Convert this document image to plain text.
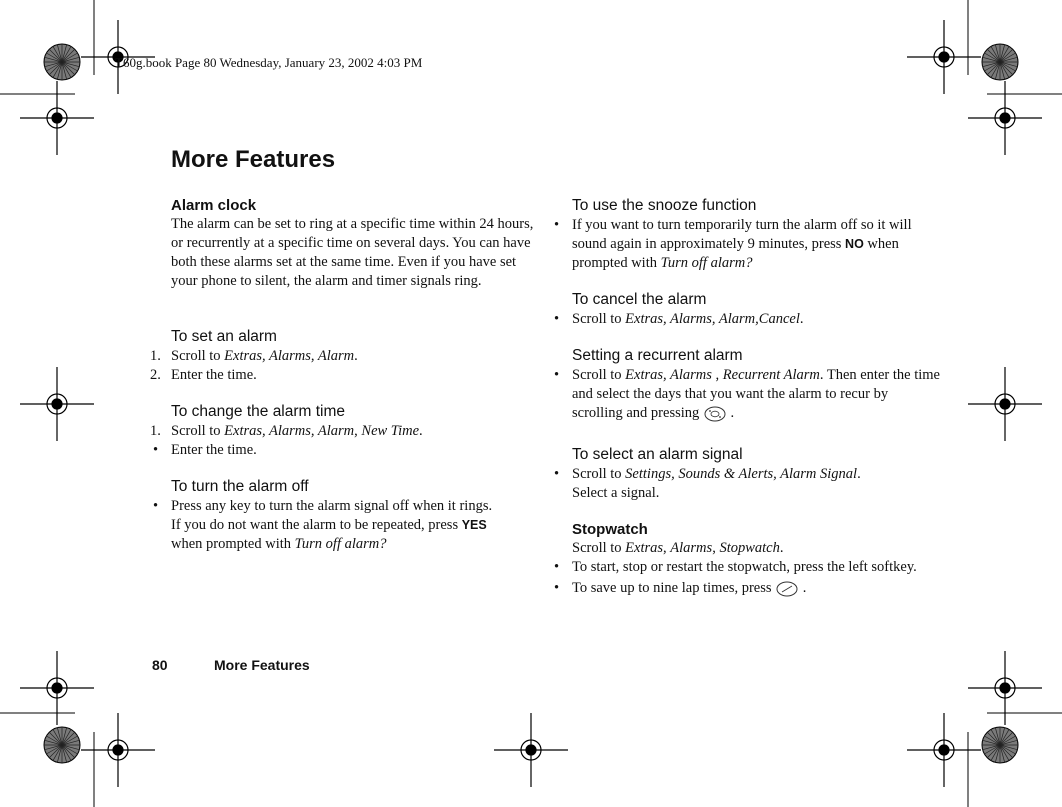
T60g.book Page 80 Wednesday, January 23, 2002 4:03 PM
More Features

Alarm clock

The alarm can be set to ring at a specific time within 24 hours, or recurrently at a specific time on several days. You can have both these alarms set at the same time. Even if you have set your phone to silent, the alarm and timer signals ring.

To set an alarm

1. Scroll to Extras, Alarms, Alarm.
2. Enter the time.

To change the alarm time

1. Scroll to Extras, Alarms, Alarm, New Time.
• Enter the time.

To turn the alarm off

• Press any key to turn the alarm signal off when it rings.
If you do not want the alarm to be repeated, press YES
when prompted with Turn off alarm?

To use the snooze function

• If you want to turn temporarily turn the alarm off so it will sound again in approximately 9 minutes, press NO when prompted with Turn off alarm?

To cancel the alarm

• Scroll to Extras, Alarms, Alarm,Cancel.

Setting a recurrent alarm

• Scroll to Extras, Alarms , Recurrent Alarm. Then enter the time and select the days that you want the alarm to recur by scrolling and pressing  .

To select an alarm signal

• Scroll to Settings, Sounds & Alerts, Alarm Signal.
Select a signal.

Stopwatch

Scroll to Extras, Alarms, Stopwatch.

• To start, stop or restart the stopwatch, press the left softkey.
• To save up to nine lap times, press  .
80	More Features
